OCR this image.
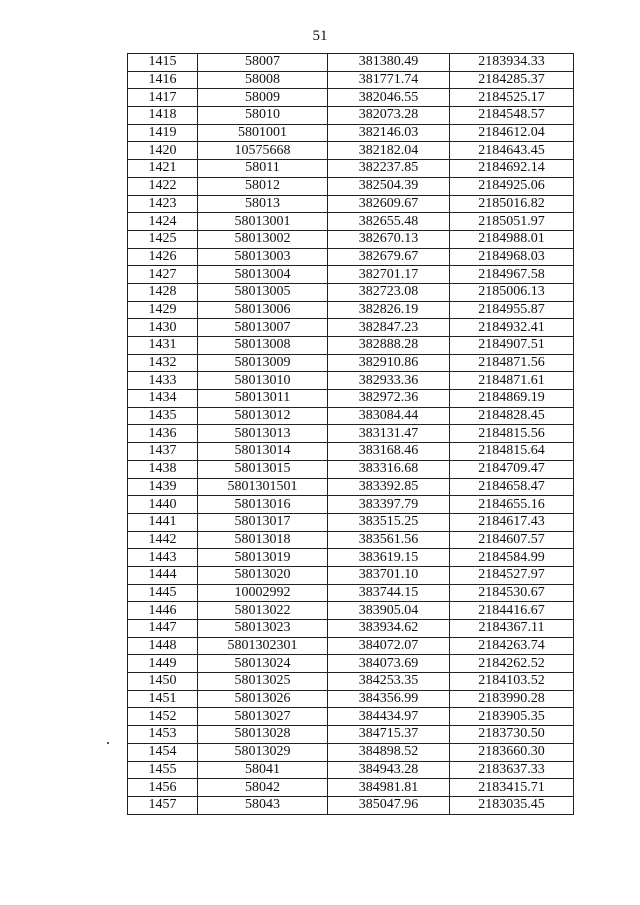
51
1415	58007	381380.49	2183934.33
1416	58008	381771.74	2184285.37
1417	58009	382046.55	2184525.17
1418	58010	382073.28	2184548.57
1419	5801001	382146.03	2184612.04
1420	10575668	382182.04	2184643.45
1421	58011	382237.85	2184692.14
1422	58012	382504.39	2184925.06
1423	58013	382609.67	2185016.82
1424	58013001	382655.48	2185051.97
1425	58013002	382670.13	2184988.01
1426	58013003	382679.67	2184968.03
1427	58013004	382701.17	2184967.58
1428	58013005	382723.08	2185006.13
1429	58013006	382826.19	2184955.87
1430	58013007	382847.23	2184932.41
1431	58013008	382888.28	2184907.51
1432	58013009	382910.86	2184871.56
1433	58013010	382933.36	2184871.61
1434	58013011	382972.36	2184869.19
1435	58013012	383084.44	2184828.45
1436	58013013	383131.47	2184815.56
1437	58013014	383168.46	2184815.64
1438	58013015	383316.68	2184709.47
1439	5801301501	383392.85	2184658.47
1440	58013016	383397.79	2184655.16
1441	58013017	383515.25	2184617.43
1442	58013018	383561.56	2184607.57
1443	58013019	383619.15	2184584.99
1444	58013020	383701.10	2184527.97
1445	10002992	383744.15	2184530.67
1446	58013022	383905.04	2184416.67
1447	58013023	383934.62	2184367.11
1448	5801302301	384072.07	2184263.74
1449	58013024	384073.69	2184262.52
1450	58013025	384253.35	2184103.52
1451	58013026	384356.99	2183990.28
1452	58013027	384434.97	2183905.35
1453	58013028	384715.37	2183730.50
1454	58013029	384898.52	2183660.30
1455	58041	384943.28	2183637.33
1456	58042	384981.81	2183415.71
1457	58043	385047.96	2183035.45
